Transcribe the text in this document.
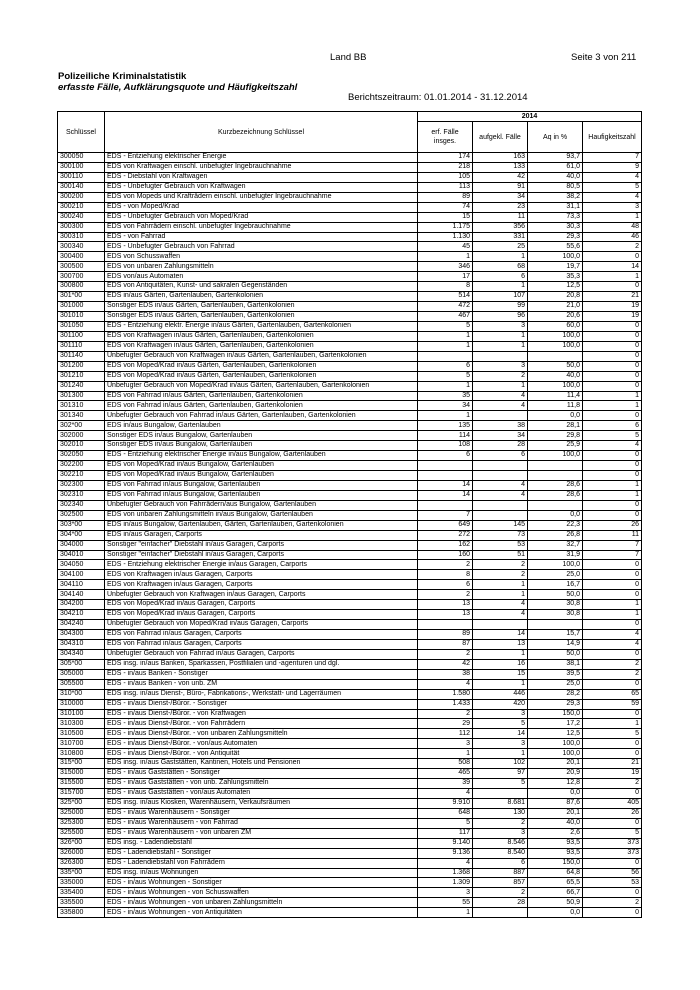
Land BB	Seite 3 von 211
Polizeiliche Kriminalstatistik
erfasste Fälle, Aufklärungsquote und Häufigkeitszahl
Berichtszeitraum: 01.01.2014 - 31.12.2014
Schlüssel	Kurzbezeichnung Schlüssel	2014			
		erf. Fälle insges.	aufgekl. Fälle	Aq in %	Haufigkeitszahl
300050	EDS - Entziehung elektrischer Energie	174	163	93,7	7
300100	EDS von Kraftwagen einschl. unbefugter Ingebrauchnahme	218	133	61,0	9
300110	EDS - Diebstahl von Kraftwagen	105	42	40,0	4
300140	EDS - Unbefugter Gebrauch von Kraftwagen	113	91	80,5	5
300200	EDS von Mopeds und Krafträdern einschl. unbefugter Ingebrauchnahme	89	34	38,2	4
300210	EDS - von Moped/Krad	74	23	31,1	3
300240	EDS - Unbefugter Gebrauch von Moped/Krad	15	11	73,3	1
300300	EDS von Fahrrädern einschl. unbefugter Ingebrauchnahme	1.175	356	30,3	48
300310	EDS - von Fahrrad	1.130	331	29,3	46
300340	EDS - Unbefugter Gebrauch von Fahrrad	45	25	55,6	2
300400	EDS von Schusswaffen	1	1	100,0	0
300500	EDS von unbaren Zahlungsmitteln	346	68	19,7	14
300700	EDS von/aus Automaten	17	6	35,3	1
300800	EDS von Antiquitäten, Kunst- und sakralen Gegenständen	8	1	12,5	0
301*00	EDS in/aus Gärten, Gartenlauben, Gartenkolonien	514	107	20,8	21
301000	Sonstiger EDS in/aus Gärten, Gartenlauben, Gartenkolonien	472	99	21,0	19
301010	Sonstiger EDS in/aus Gärten, Gartenlauben, Gartenkolonien	467	96	20,6	19
301050	EDS - Entziehung elektr. Energie in/aus Gärten, Gartenlauben, Gartenkolonien	5	3	60,0	0
301100	EDS von Kraftwagen in/aus Gärten, Gartenlauben, Gartenkolonien	1	1	100,0	0
301110	EDS von Kraftwagen in/aus Gärten, Gartenlauben, Gartenkolonien	1	1	100,0	0
301140	Unbefugter Gebrauch von Kraftwagen in/aus Gärten, Gartenlauben, Gartenkolonien				0
301200	EDS von Moped/Krad in/aus Gärten, Gartenlauben, Gartenkolonien	6	3	50,0	0
301210	EDS von Moped/Krad in/aus Gärten, Gartenlauben, Gartenkolonien	5	2	40,0	0
301240	Unbefugter Gebrauch von Moped/Krad in/aus Gärten, Gartenlauben, Gartenkolonien	1	1	100,0	0
301300	EDS von Fahrrad in/aus Gärten, Gartenlauben, Gartenkolonien	35	4	11,4	1
301310	EDS von Fahrrad in/aus Gärten, Gartenlauben, Gartenkolonien	34	4	11,8	1
301340	Unbefugter Gebrauch von Fahrrad in/aus Gärten, Gartenlauben, Gartenkolonien	1		0,0	0
302*00	EDS in/aus Bungalow, Gartenlauben	135	38	28,1	6
302000	Sonstiger EDS in/aus Bungalow, Gartenlauben	114	34	29,8	5
302010	Sonstiger EDS in/aus Bungalow, Gartenlauben	108	28	25,9	4
302050	EDS - Entziehung elektrischer Energie in/aus Bungalow, Gartenlauben	6	6	100,0	0
302200	EDS von Moped/Krad in/aus Bungalow, Gartenlauben				0
302210	EDS von Moped/Krad in/aus Bungalow, Gartenlauben				0
302300	EDS von Fahrrad in/aus Bungalow, Gartenlauben	14	4	28,6	1
302310	EDS von Fahrrad in/aus Bungalow, Gartenlauben	14	4	28,6	1
302340	Unbefugter Gebrauch von Fahrrädern/aus Bungalow, Gartenlauben				0
302500	EDS von unbaren Zahlungsmitteln in/aus Bungalow, Gartenlauben	7		0,0	0
303*00	EDS in/aus Bungalow, Gartenlauben, Gärten, Gartenlauben, Gartenkolonien	649	145	22,3	26
304*00	EDS in/aus Garagen, Carports	272	73	26,8	11
304000	Sonstiger "einfacher" Diebstahl in/aus Garagen, Carports	162	53	32,7	7
304010	Sonstiger "einfacher" Diebstahl in/aus Garagen, Carports	160	51	31,9	7
304050	EDS - Entziehung elektrischer Energie in/aus Garagen, Carports	2	2	100,0	0
304100	EDS von Kraftwagen in/aus Garagen, Carports	8	2	25,0	0
304110	EDS von Kraftwagen in/aus Garagen, Carports	6	1	16,7	0
304140	Unbefugter Gebrauch von Kraftwagen in/aus Garagen, Carports	2	1	50,0	0
304200	EDS von Moped/Krad in/aus Garagen, Carports	13	4	30,8	1
304210	EDS von Moped/Krad in/aus Garagen, Carports	13	4	30,8	1
304240	Unbefugter Gebrauch von Moped/Krad in/aus Garagen, Carports				0
304300	EDS von Fahrrad in/aus Garagen, Carports	89	14	15,7	4
304310	EDS von Fahrrad in/aus Garagen, Carports	87	13	14,9	4
304340	Unbefugter Gebrauch von Fahrrad in/aus Garagen, Carports	2	1	50,0	0
305*00	EDS insg. in/aus Banken, Sparkassen, Postfilialen und -agenturen und dgl.	42	16	38,1	2
305000	EDS - in/aus Banken - Sonstiger	38	15	39,5	2
305500	EDS - in/aus Banken - von unb. ZM	4	1	25,0	0
310*00	EDS insg. in/aus Dienst-, Büro-, Fabrikations-, Werkstatt- und Lagerräumen	1.580	446	28,2	65
310000	EDS - in/aus Dienst-/Büror. - Sonstiger	1.433	420	29,3	59
310100	EDS - in/aus Dienst-/Büror. - von Kraftwagen	2	3	150,0	0
310300	EDS - in/aus Dienst-/Büror. - von Fahrrädern	29	5	17,2	1
310500	EDS - in/aus Dienst-/Büror. - von unbaren Zahlungsmitteln	112	14	12,5	5
310700	EDS - in/aus Dienst-/Büror. - von/aus Automaten	3	3	100,0	0
310800	EDS - in/aus Dienst-/Büror. - von Antiquität	1	1	100,0	0
315*00	EDS insg. in/aus Gaststätten, Kantinen, Hotels und Pensionen	508	102	20,1	21
315000	EDS - in/aus Gaststätten - Sonstiger	465	97	20,9	19
315500	EDS - in/aus Gaststätten - von unb. Zahlungsmitteln	39	5	12,8	2
315700	EDS - in/aus Gaststätten - von/aus Automaten	4		0,0	0
325*00	EDS insg. in/aus Kiosken, Warenhäusern, Verkaufsräumen	9.910	8.681	87,6	405
325000	EDS - in/aus Warenhäusern - Sonstiger	648	130	20,1	26
325300	EDS - in/aus Warenhäusern - von Fahrrad	5	2	40,0	0
325500	EDS - in/aus Warenhäusern - von unbaren ZM	117	3	2,6	5
326*00	EDS insg. - Ladendiebstahl	9.140	8.546	93,5	373
326000	EDS - Ladendiebstahl - Sonstiger	9.136	8.540	93,5	373
326300	EDS - Ladendiebstahl von Fahrrädern	4	6	150,0	0
335*00	EDS insg. in/aus Wohnungen	1.368	887	64,8	56
335000	EDS - in/aus Wohnungen - Sonstiger	1.309	857	65,5	53
335400	EDS - in/aus Wohnungen - von Schusswaffen	3	2	66,7	0
335500	EDS - in/aus Wohnungen - von unbaren Zahlungsmitteln	55	28	50,9	2
335800	EDS - in/aus Wohnungen - von Antiquitäten	1		0,0	0
